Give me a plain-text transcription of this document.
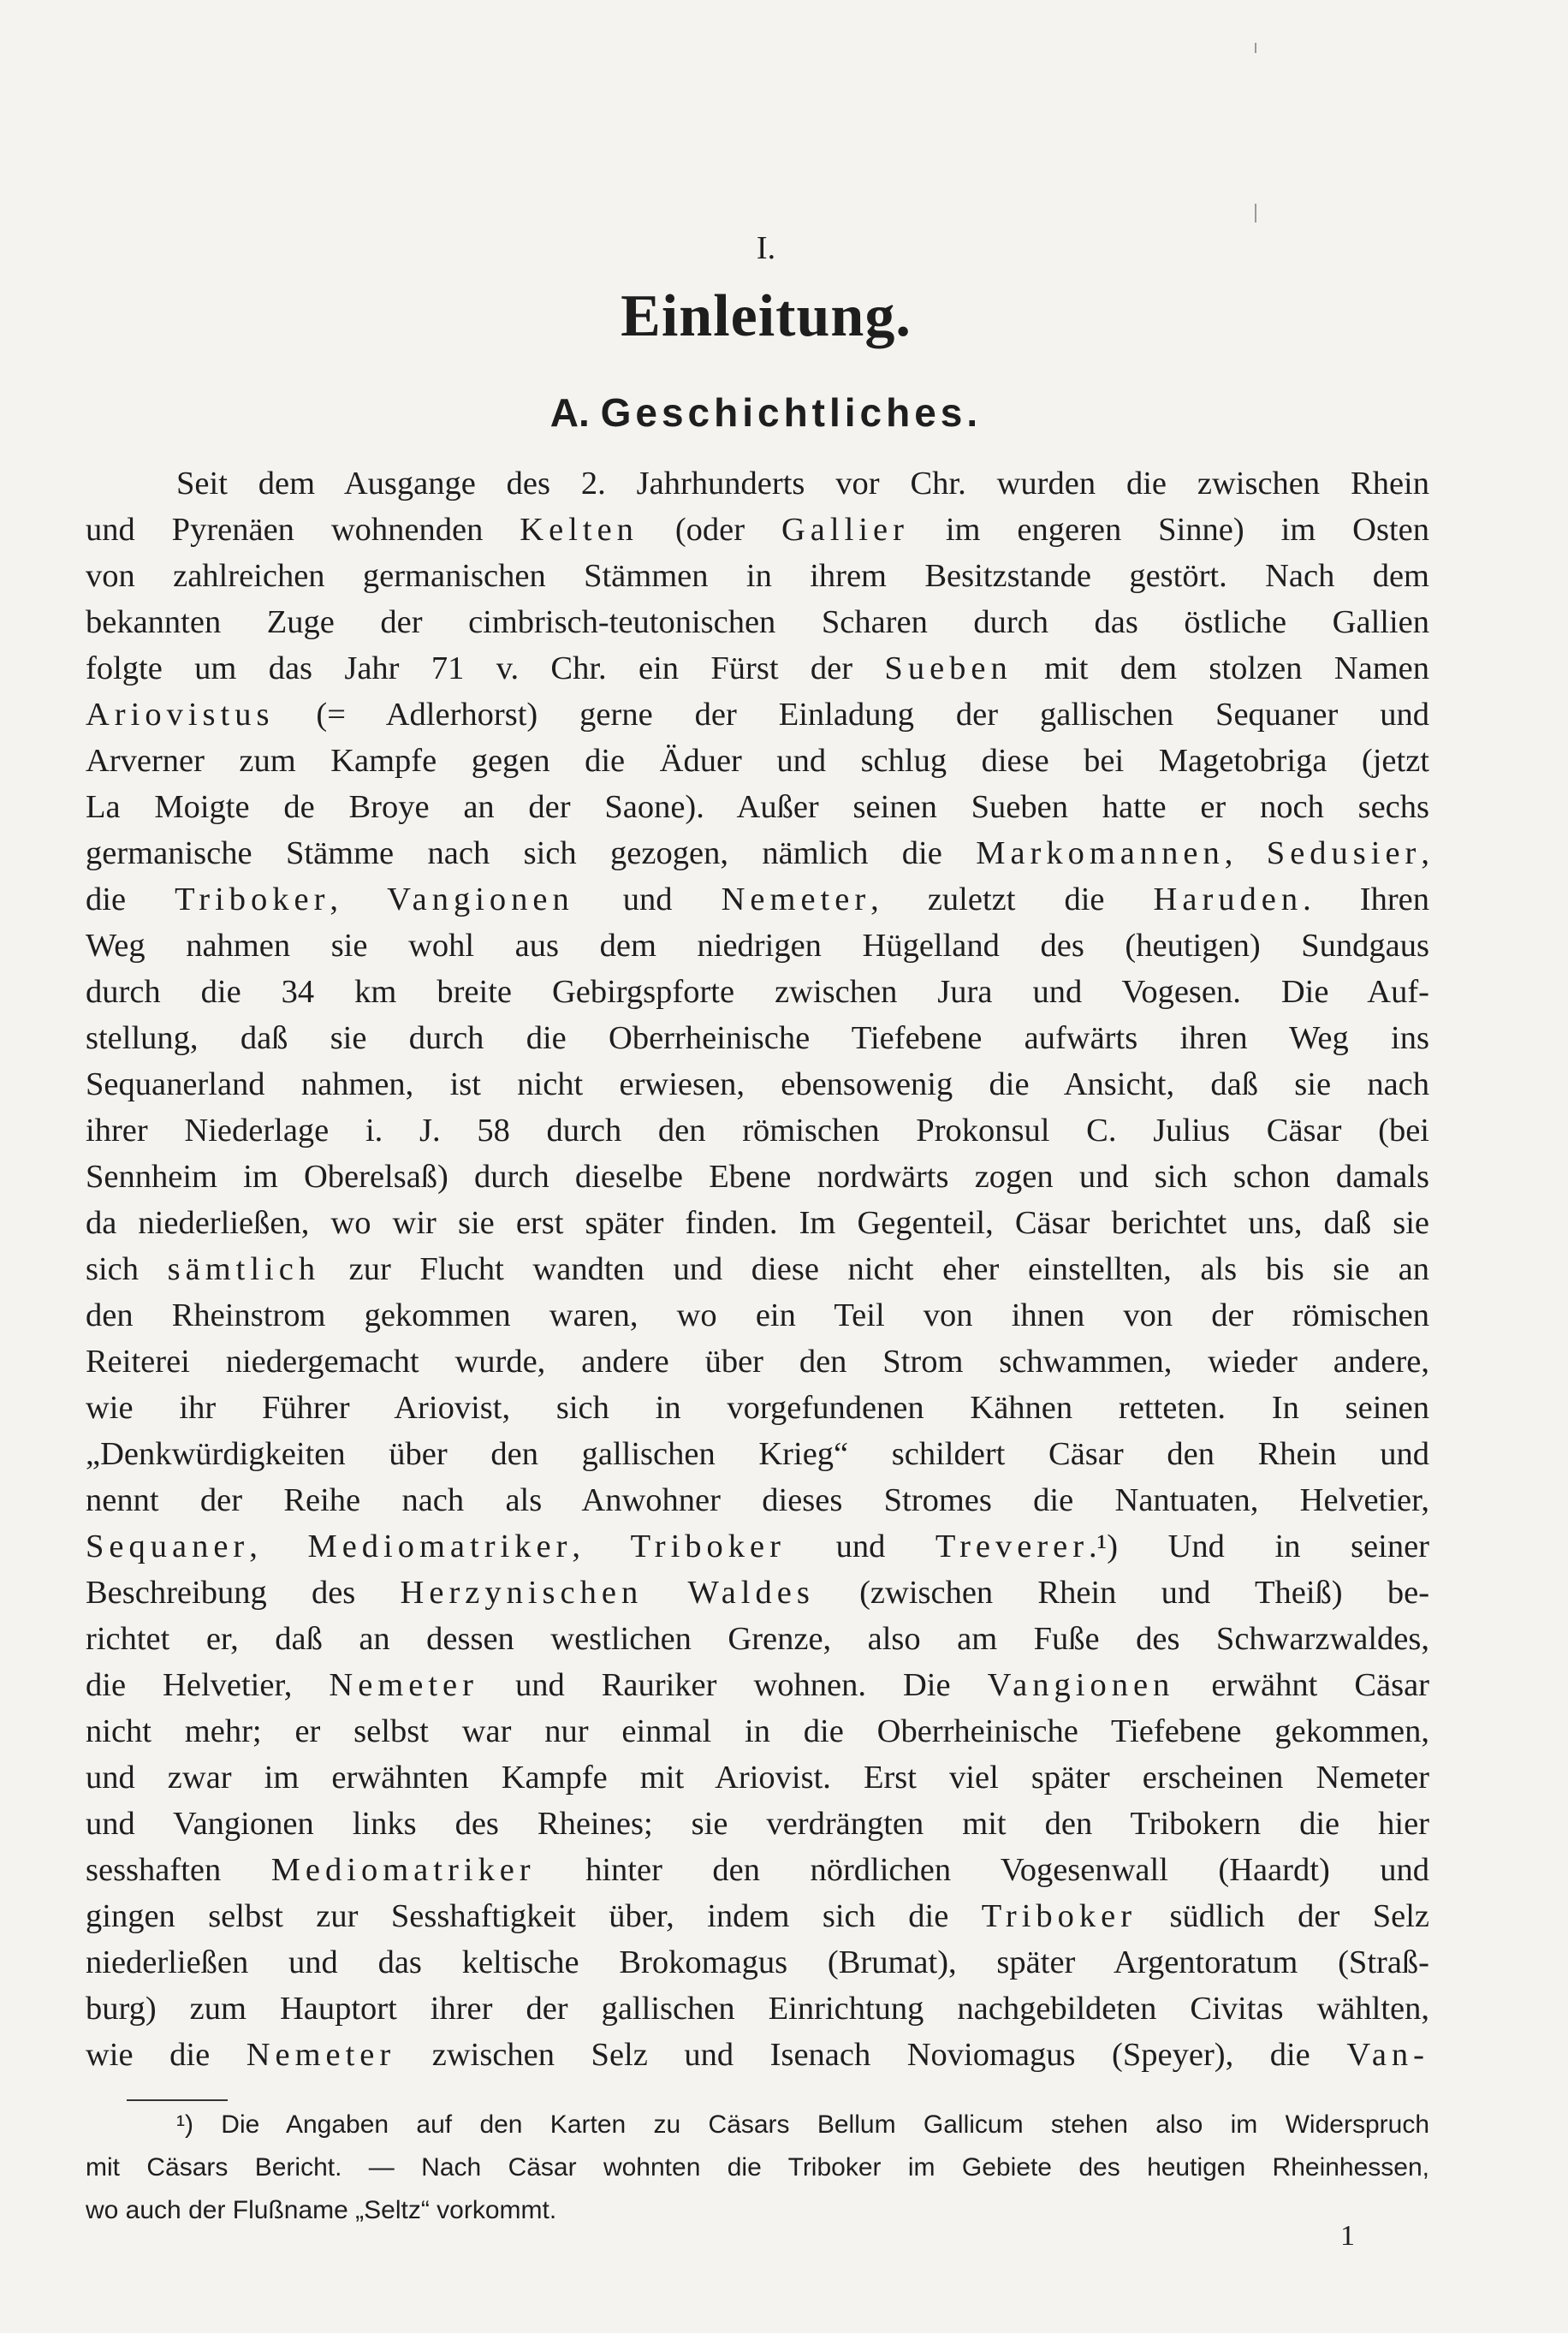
I.
Einleitung.
A. Geschichtliches.
Seit dem Ausgange des 2. Jahrhunderts vor Chr. wurden die zwischen Rhein
und Pyrenäen wohnenden Kelten (oder Gallier im engeren Sinne) im Osten
von zahlreichen germanischen Stämmen in ihrem Besitzstande gestört. Nach dem
bekannten Zuge der cimbrisch-teutonischen Scharen durch das östliche Gallien
folgte um das Jahr 71 v. Chr. ein Fürst der Sueben mit dem stolzen Namen
Ariovistus (= Adlerhorst) gerne der Einladung der gallischen Sequaner und
Arverner zum Kampfe gegen die Äduer und schlug diese bei Magetobriga (jetzt
La Moigte de Broye an der Saone). Außer seinen Sueben hatte er noch sechs
germanische Stämme nach sich gezogen, nämlich die Markomannen, Sedusier,
die Triboker, Vangionen und Nemeter, zuletzt die Haruden. Ihren
Weg nahmen sie wohl aus dem niedrigen Hügelland des (heutigen) Sundgaus
durch die 34 km breite Gebirgspforte zwischen Jura und Vogesen. Die Auf-
stellung, daß sie durch die Oberrheinische Tiefebene aufwärts ihren Weg ins
Sequanerland nahmen, ist nicht erwiesen, ebensowenig die Ansicht, daß sie nach
ihrer Niederlage i. J. 58 durch den römischen Prokonsul C. Julius Cäsar (bei
Sennheim im Oberelsaß) durch dieselbe Ebene nordwärts zogen und sich schon damals
da niederließen, wo wir sie erst später finden. Im Gegenteil, Cäsar berichtet uns, daß sie
sich sämtlich zur Flucht wandten und diese nicht eher einstellten, als bis sie an
den Rheinstrom gekommen waren, wo ein Teil von ihnen von der römischen
Reiterei niedergemacht wurde, andere über den Strom schwammen, wieder andere,
wie ihr Führer Ariovist, sich in vorgefundenen Kähnen retteten. In seinen
„Denkwürdigkeiten über den gallischen Krieg“ schildert Cäsar den Rhein und
nennt der Reihe nach als Anwohner dieses Stromes die Nantuaten, Helvetier,
Sequaner, Mediomatriker, Triboker und Treverer.¹) Und in seiner
Beschreibung des Herzynischen Waldes (zwischen Rhein und Theiß) be-
richtet er, daß an dessen westlichen Grenze, also am Fuße des Schwarzwaldes,
die Helvetier, Nemeter und Rauriker wohnen. Die Vangionen erwähnt Cäsar
nicht mehr; er selbst war nur einmal in die Oberrheinische Tiefebene gekommen,
und zwar im erwähnten Kampfe mit Ariovist. Erst viel später erscheinen Nemeter
und Vangionen links des Rheines; sie verdrängten mit den Tribokern die hier
sesshaften Mediomatriker hinter den nördlichen Vogesenwall (Haardt) und
gingen selbst zur Sesshaftigkeit über, indem sich die Triboker südlich der Selz
niederließen und das keltische Brokomagus (Brumat), später Argentoratum (Straß-
burg) zum Hauptort ihrer der gallischen Einrichtung nachgebildeten Civitas wählten,
wie die Nemeter zwischen Selz und Isenach Noviomagus (Speyer), die Van-
¹) Die Angaben auf den Karten zu Cäsars Bellum Gallicum stehen also im Widerspruch
mit Cäsars Bericht. — Nach Cäsar wohnten die Triboker im Gebiete des heutigen Rheinhessen,
wo auch der Flußname „Seltz“ vorkommt.
1
